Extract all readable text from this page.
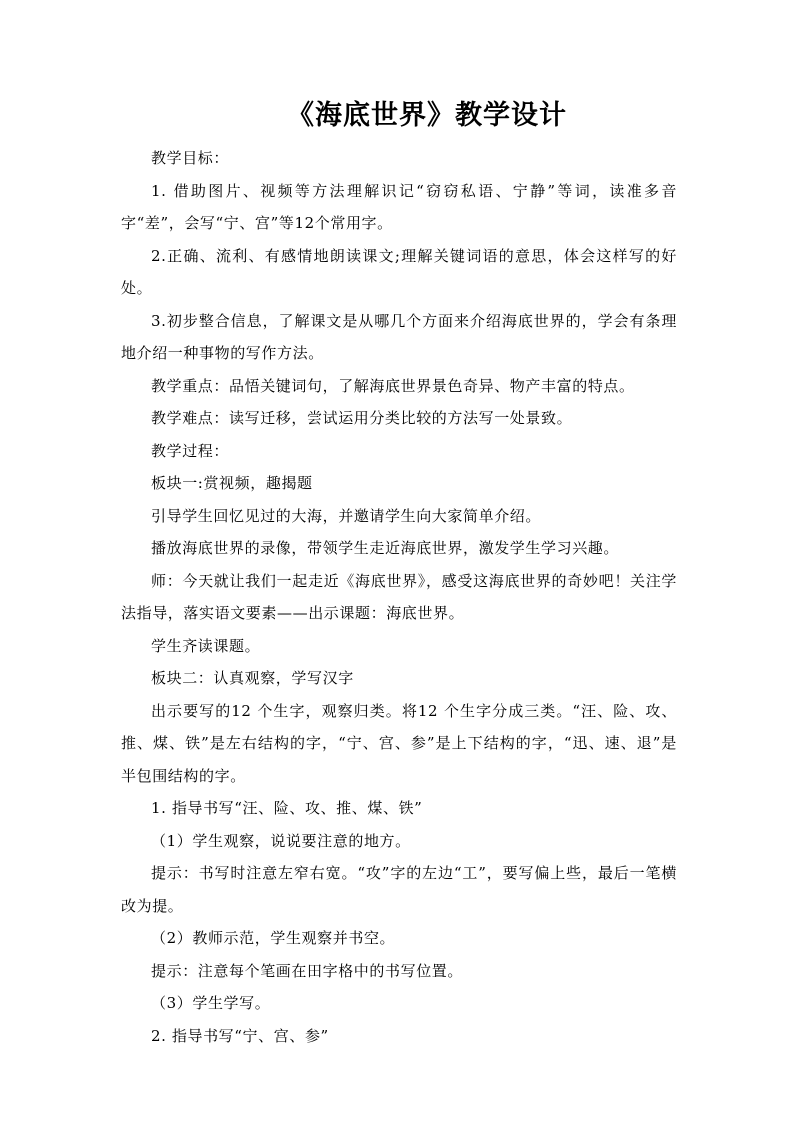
《海底世界》教学设计

教学目标：

1. 借助图片、视频等方法理解识记“窃窃私语、宁静”等词，读准多音字“差”，会写“宁、宫”等12个常用字。

2.正确、流利、有感情地朗读课文;理解关键词语的意思，体会这样写的好处。

3.初步整合信息，了解课文是从哪几个方面来介绍海底世界的，学会有条理地介绍一种事物的写作方法。

教学重点：品悟关键词句，了解海底世界景色奇异、物产丰富的特点。

教学难点：读写迁移，尝试运用分类比较的方法写一处景致。

教学过程：

板块一:赏视频，趣揭题

引导学生回忆见过的大海，并邀请学生向大家简单介绍。

播放海底世界的录像，带领学生走近海底世界，激发学生学习兴趣。

师：今天就让我们一起走近《海底世界》，感受这海底世界的奇妙吧！关注学法指导，落实语文要素——出示课题：海底世界。

学生齐读课题。

板块二：认真观察，学写汉字

出示要写的12 个生字，观察归类。将12 个生字分成三类。“汪、险、攻、推、煤、铁”是左右结构的字，“宁、宫、参”是上下结构的字，“迅、速、退”是半包围结构的字。

1. 指导书写“汪、险、攻、推、煤、铁”

（1）学生观察，说说要注意的地方。

提示：书写时注意左窄右宽。“攻”字的左边“工”，要写偏上些，最后一笔横改为提。

（2）教师示范，学生观察并书空。

提示：注意每个笔画在田字格中的书写位置。

（3）学生学写。

2. 指导书写“宁、宫、参”
